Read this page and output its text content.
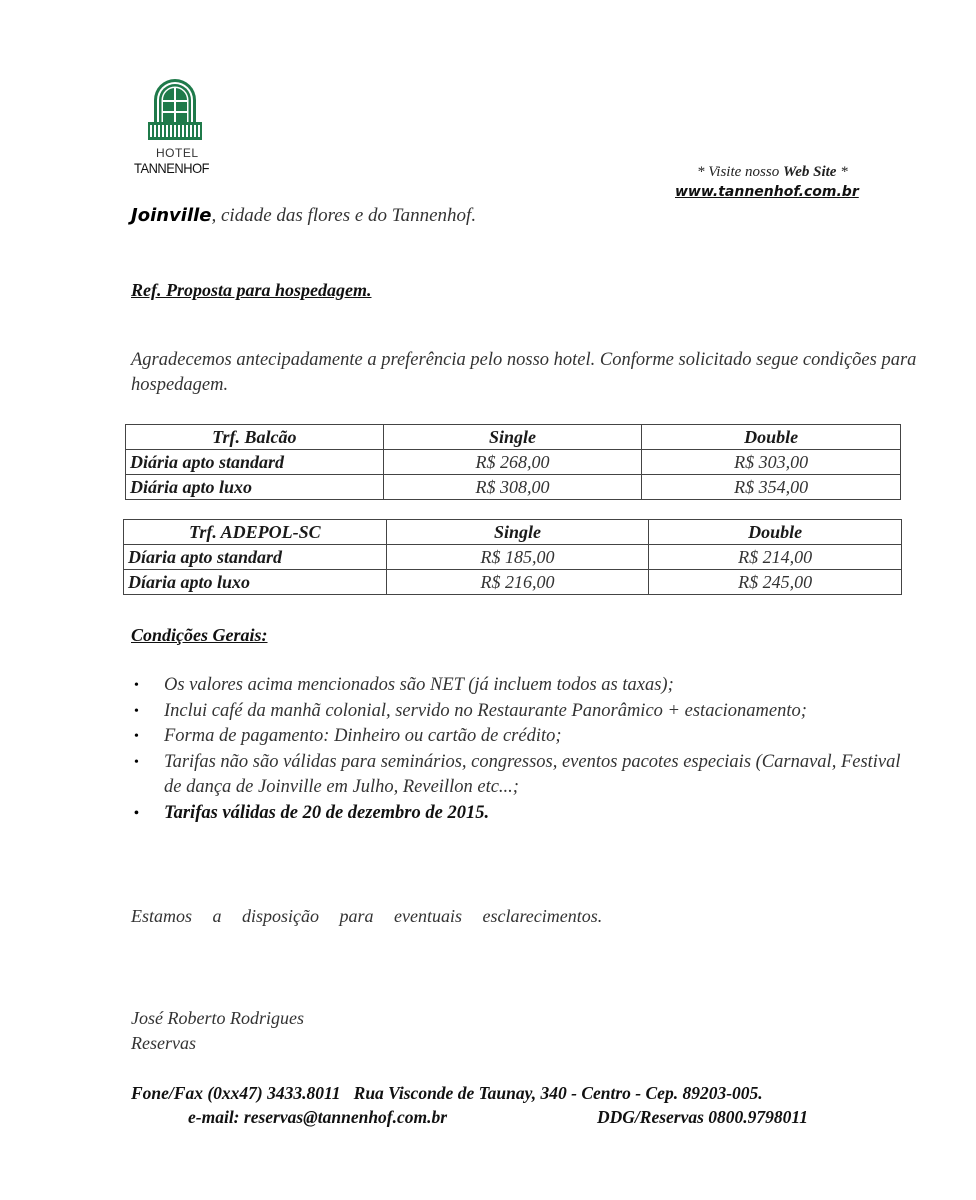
HOTEL
TANNENHOF	* Visite nosso Web Site *
www.tannenhof.com.br
Joinville, cidade das flores e do Tannenhof.
Ref. Proposta para hospedagem.
Agradecemos antecipadamente a preferência pelo nosso hotel. Conforme solicitado segue condições para hospedagem.
Trf. Balcão	Single	Double
Diária apto standard	R$ 268,00	R$ 303,00
Diária apto luxo	R$ 308,00	R$ 354,00
Trf. ADEPOL-SC	Single	Double
Díaria apto standard	R$ 185,00	R$ 214,00
Díaria apto luxo	R$ 216,00	R$ 245,00
Condições Gerais:
• Os valores acima mencionados são NET (já incluem todos as taxas);
• Inclui café da manhã colonial, servido no Restaurante Panorâmico + estacionamento;
• Forma de pagamento: Dinheiro ou cartão de crédito;
• Tarifas não são válidas para seminários, congressos, eventos pacotes especiais (Carnaval, Festival de dança de Joinville em Julho, Reveillon etc...;
• Tarifas válidas de 20 de dezembro de 2015.
Estamos a disposição para eventuais esclarecimentos.
José Roberto Rodrigues
Reservas
Fone/Fax (0xx47) 3433.8011   Rua Visconde de Taunay, 340 - Centro - Cep. 89203-005.
e-mail: reservas@tannenhof.com.br	DDG/Reservas 0800.9798011
